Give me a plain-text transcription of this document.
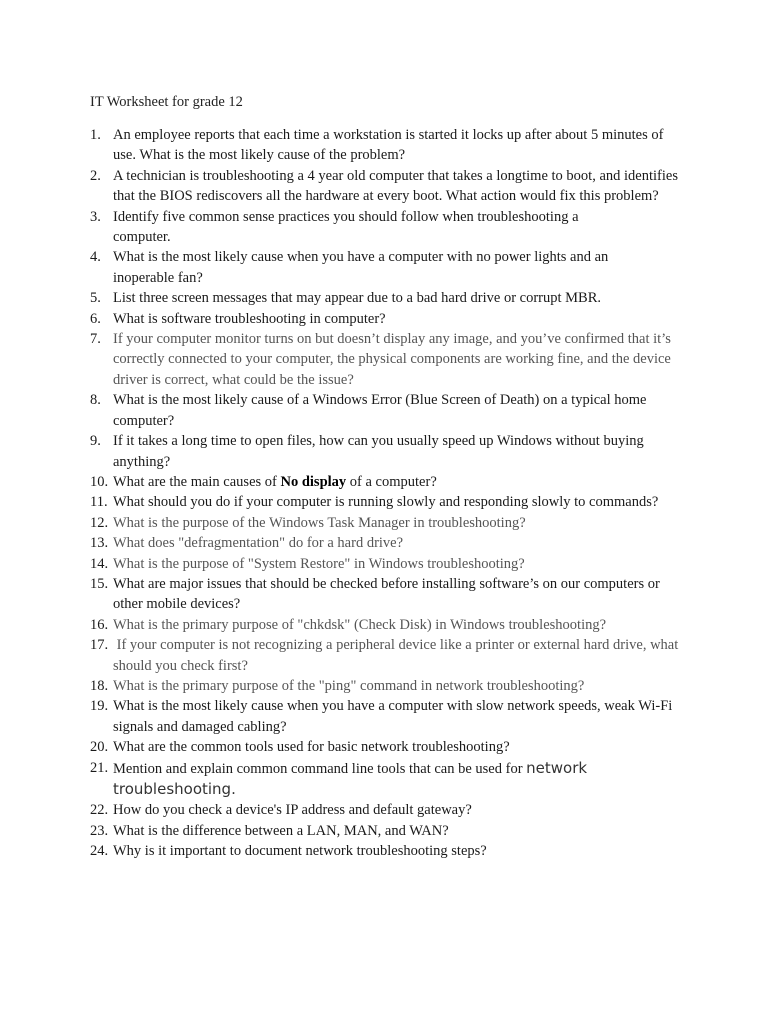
IT Worksheet for grade 12
1. An employee reports that each time a workstation is started it locks up after about 5 minutes of use. What is the most likely cause of the problem?
2. A technician is troubleshooting a 4 year old computer that takes a longtime to boot, and identifies that the BIOS rediscovers all the hardware at every boot. What action would fix this problem?
3. Identify five common sense practices you should follow when troubleshooting a computer.
4. What is the most likely cause when you have a computer with no power lights and an inoperable fan?
5. List three screen messages that may appear due to a bad hard drive or corrupt MBR.
6. What is software troubleshooting in computer?
7. If your computer monitor turns on but doesn’t display any image, and you’ve confirmed that it’s correctly connected to your computer, the physical components are working fine, and the device driver is correct, what could be the issue?
8. What is the most likely cause of a Windows Error (Blue Screen of Death) on a typical home computer?
9. If it takes a long time to open files, how can you usually speed up Windows without buying anything?
10. What are the main causes of No display of a computer?
11. What should you do if your computer is running slowly and responding slowly to commands?
12. What is the purpose of the Windows Task Manager in troubleshooting?
13. What does "defragmentation" do for a hard drive?
14. What is the purpose of "System Restore" in Windows troubleshooting?
15. What are major issues that should be checked before installing software’s on our computers or other mobile devices?
16. What is the primary purpose of "chkdsk" (Check Disk) in Windows troubleshooting?
17. If your computer is not recognizing a peripheral device like a printer or external hard drive, what should you check first?
18. What is the primary purpose of the "ping" command in network troubleshooting?
19. What is the most likely cause when you have a computer with slow network speeds, weak Wi-Fi signals and damaged cabling?
20. What are the common tools used for basic network troubleshooting?
21. Mention and explain common command line tools that can be used for network troubleshooting.
22. How do you check a device's IP address and default gateway?
23. What is the difference between a LAN, MAN, and WAN?
24. Why is it important to document network troubleshooting steps?
